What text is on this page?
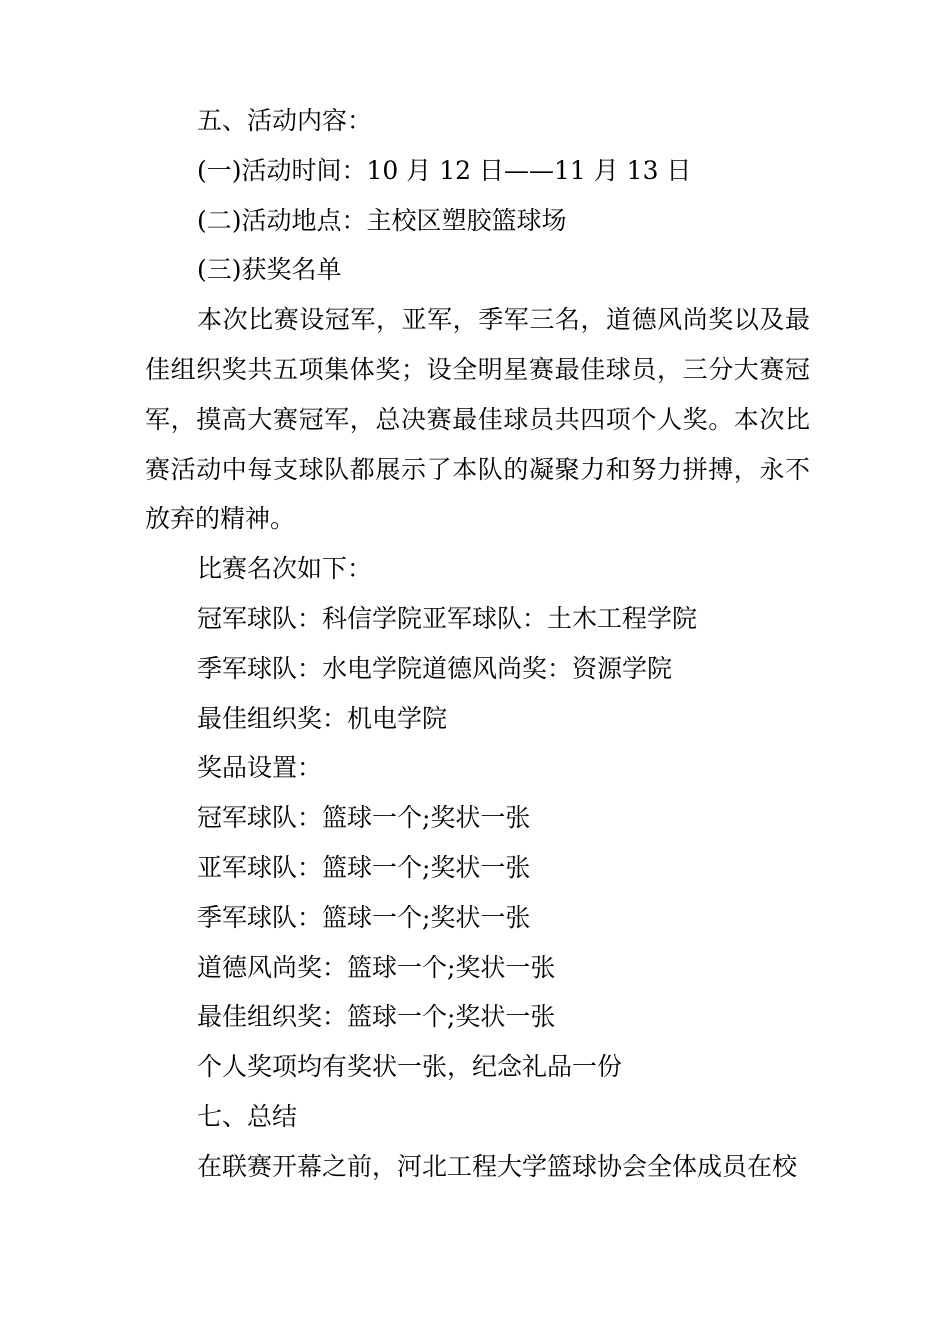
五、活动内容：

(一)活动时间：10 月 12 日——11 月 13 日

(二)活动地点：主校区塑胶篮球场

(三)获奖名单

本次比赛设冠军，亚军，季军三名，道德风尚奖以及最佳组织奖共五项集体奖；设全明星赛最佳球员，三分大赛冠军，摸高大赛冠军，总决赛最佳球员共四项个人奖。本次比赛活动中每支球队都展示了本队的凝聚力和努力拼搏，永不放弃的精神。

比赛名次如下：

冠军球队：科信学院亚军球队：土木工程学院

季军球队：水电学院道德风尚奖：资源学院

最佳组织奖：机电学院

奖品设置：

冠军球队：篮球一个;奖状一张

亚军球队：篮球一个;奖状一张

季军球队：篮球一个;奖状一张

道德风尚奖：篮球一个;奖状一张

最佳组织奖：篮球一个;奖状一张

个人奖项均有奖状一张，纪念礼品一份

七、总结

在联赛开幕之前，河北工程大学篮球协会全体成员在校
